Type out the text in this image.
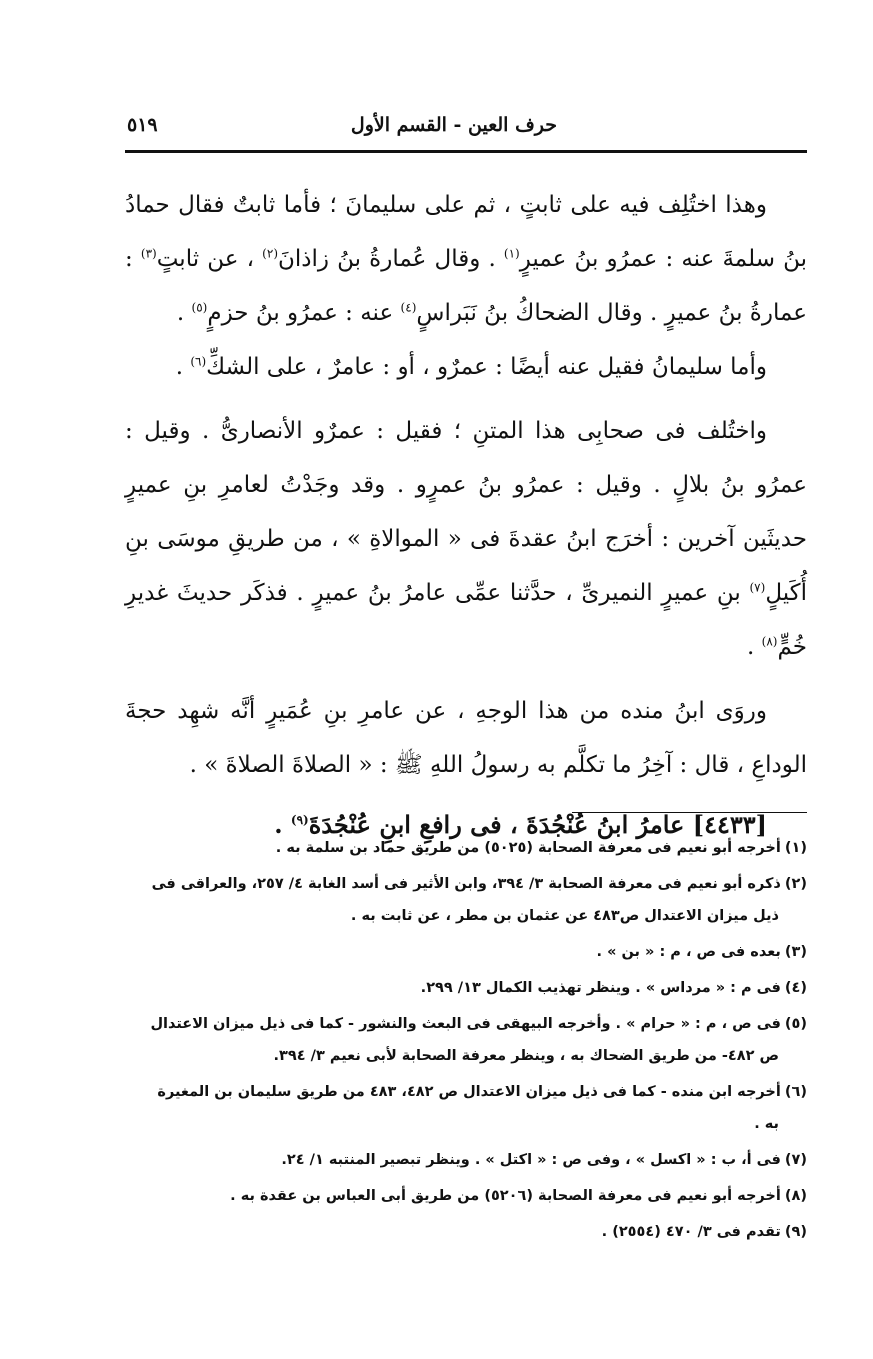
حرف العين - القسم الأول
٥١٩

وهذا اختُلِف فيه على ثابتٍ ، ثم على سليمانَ ؛ فأما ثابتٌ فقال حمادُ بنُ سلمةَ عنه : عمرُو بنُ عميرٍ$^{(١)}$ . وقال عُمارةُ بنُ زاذانَ$^{(٢)}$ ، عن ثابتٍ$^{(٣)}$ : عمارةُ بنُ عميرٍ . وقال الضحاكُ بنُ نَبَراسٍ$^{(٤)}$ عنه : عمرُو بنُ حزمٍ$^{(٥)}$ .

وأما سليمانُ فقيل عنه أيضًا : عمرٌو ، أو : عامرٌ ، على الشكِّ$^{(٦)}$ .

واختُلف فى صحابِى هذا المتنِ ؛ فقيل : عمرٌو الأنصارىُّ . وقيل : عمرُو بنُ بلالٍ . وقيل : عمرُو بنُ عمرٍو . وقد وجَدْتُ لعامرِ بنِ عميرٍ حديثَين آخرين : أخرَج ابنُ عقدةَ فى « الموالاةِ » ، من طريقِ موسَى بنِ أُكَيلٍ$^{(٧)}$ بنِ عميرٍ النميرىِّ ، حدَّثنا عمِّى عامرُ بنُ عميرٍ . فذكَر حديثَ غديرِ خُمٍّ$^{(٨)}$ .

وروَى ابنُ منده من هذا الوجهِ ، عن عامرِ بنِ عُمَيرٍ أنَّه شهِد حجةَ الوداعِ ، قال : آخِرُ ما تكلَّم به رسولُ اللهِ ﷺ : « الصلاةَ الصلاةَ » .

[٤٤٣٣] عامرُ ابنُ عُنْجُدَةَ ، فى رافعِ ابنِ عُنْجُدَةَ$^{(٩)}$ .

(١)أخرجه أبو نعيم فى معرفة الصحابة (٥٠٢٥) من طريق حماد بن سلمة به .
(٢)ذكره أبو نعيم فى معرفة الصحابة ٣/ ٣٩٤، وابن الأثير فى أسد الغابة ٤/ ٢٥٧، والعراقى فى
ذيل ميزان الاعتدال ص٤٨٣ عن عثمان بن مطر ، عن ثابت به .
(٣)بعده فى ص ، م : « بن » .
(٤)فى م : « مرداس » . وينظر تهذيب الكمال ١٣/ ٢٩٩.
(٥)فى ص ، م : « حرام » . وأخرجه البيهقى فى البعث والنشور - كما فى ذيل ميزان الاعتدال
ص ٤٨٢- من طريق الضحاك به ، وينظر معرفة الصحابة لأبى نعيم ٣/ ٣٩٤.
(٦)أخرجه ابن منده - كما فى ذيل ميزان الاعتدال ص ٤٨٢، ٤٨٣ من طريق سليمان بن المغيرة
به .
(٧)فى أ، ب : « اكسل » ، وفى ص : « اكتل » . وينظر تبصير المنتبه ١/ ٢٤.
(٨)أخرجه أبو نعيم فى معرفة الصحابة (٥٢٠٦) من طريق أبى العباس بن عقدة به .
(٩)تقدم فى ٣/ ٤٧٠ (٢٥٥٤) .
